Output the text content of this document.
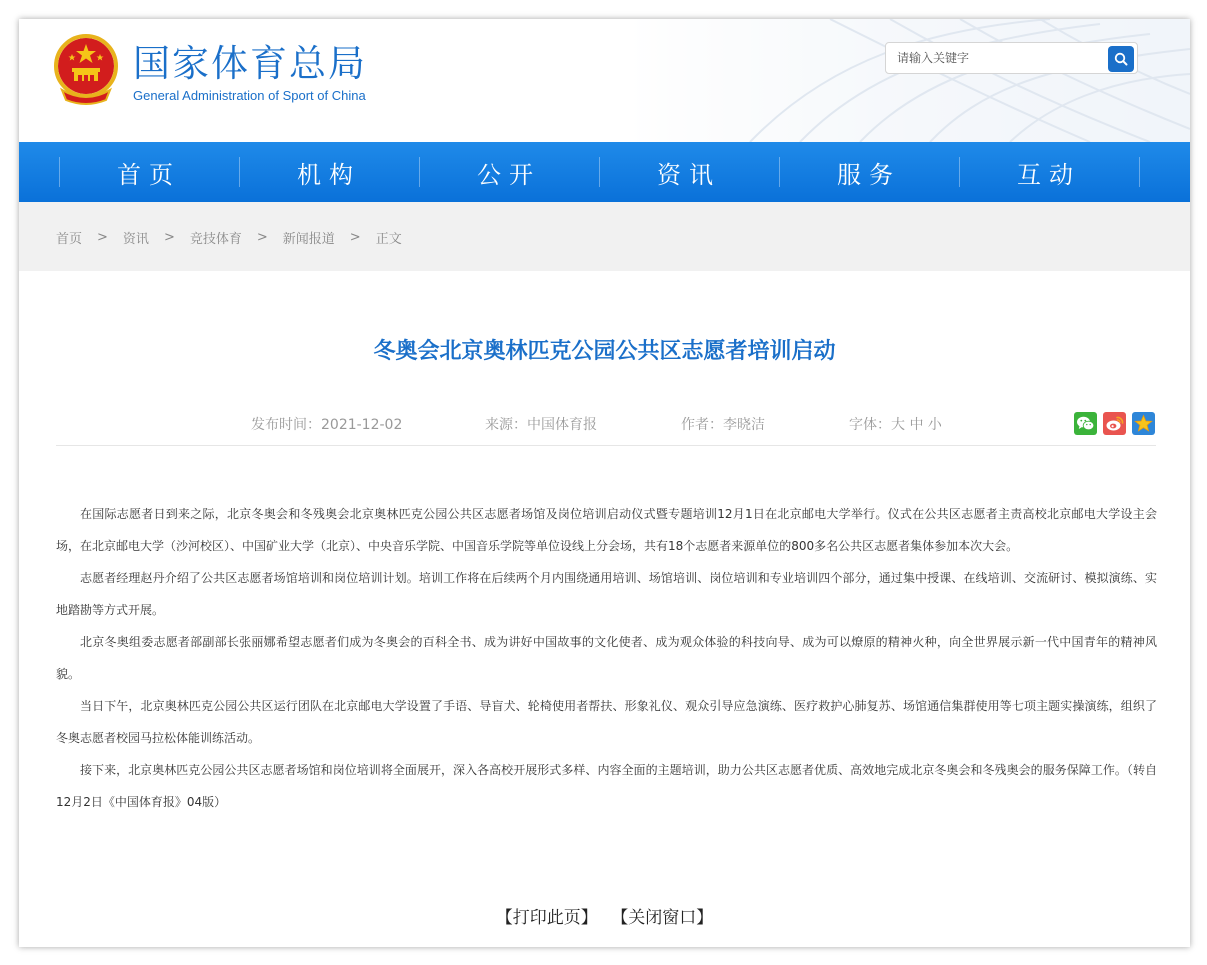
国家体育总局
General Administration of Sport of China
请输入关键字
首页	机构	公开	资讯	服务	互动
首页 > 资讯 > 竞技体育 > 新闻报道 > 正文
冬奥会北京奥林匹克公园公共区志愿者培训启动
发布时间：2021-12-02	来源：中国体育报	作者：李晓洁	字体：大 中 小

在国际志愿者日到来之际，北京冬奥会和冬残奥会北京奥林匹克公园公共区志愿者场馆及岗位培训启动仪式暨专题培训12月1日在北京邮电大学举行。仪式在公共区志愿者主责高校北京邮电大学设主会场，在北京邮电大学（沙河校区）、中国矿业大学（北京）、中央音乐学院、中国音乐学院等单位设线上分会场，共有18个志愿者来源单位的800多名公共区志愿者集体参加本次大会。

志愿者经理赵丹介绍了公共区志愿者场馆培训和岗位培训计划。培训工作将在后续两个月内围绕通用培训、场馆培训、岗位培训和专业培训四个部分，通过集中授课、在线培训、交流研讨、模拟演练、实地踏勘等方式开展。

北京冬奥组委志愿者部副部长张丽娜希望志愿者们成为冬奥会的百科全书、成为讲好中国故事的文化使者、成为观众体验的科技向导、成为可以燎原的精神火种，向全世界展示新一代中国青年的精神风貌。

当日下午，北京奥林匹克公园公共区运行团队在北京邮电大学设置了手语、导盲犬、轮椅使用者帮扶、形象礼仪、观众引导应急演练、医疗救护心肺复苏、场馆通信集群使用等七项主题实操演练，组织了冬奥志愿者校园马拉松体能训练活动。

接下来，北京奥林匹克公园公共区志愿者场馆和岗位培训将全面展开，深入各高校开展形式多样、内容全面的主题培训，助力公共区志愿者优质、高效地完成北京冬奥会和冬残奥会的服务保障工作。（转自12月2日《中国体育报》04版）

【打印此页】 【关闭窗口】
